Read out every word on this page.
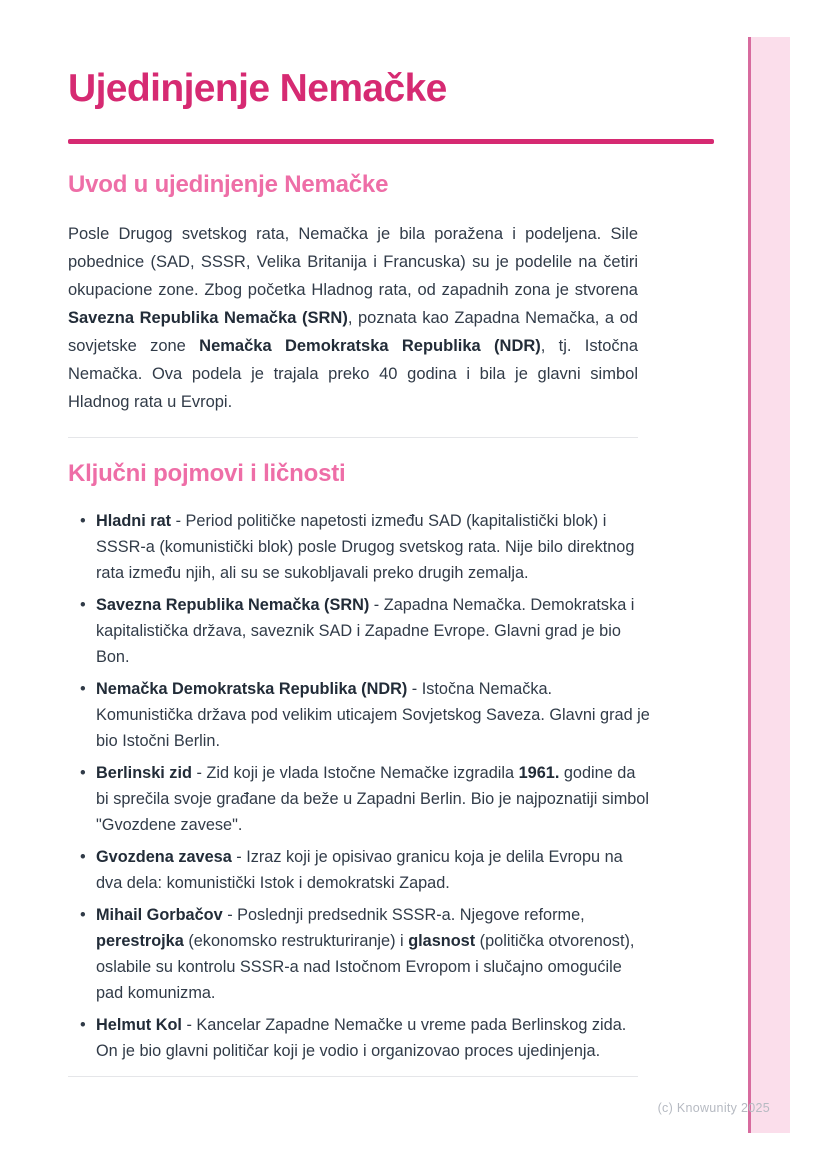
Ujedinjenje Nemačke
Uvod u ujedinjenje Nemačke

Posle Drugog svetskog rata, Nemačka je bila poražena i podeljena. Sile pobednice (SAD, SSSR, Velika Britanija i Francuska) su je podelile na četiri okupacione zone. Zbog početka Hladnog rata, od zapadnih zona je stvorena Savezna Republika Nemačka (SRN), poznata kao Zapadna Nemačka, a od sovjetske zone Nemačka Demokratska Republika (NDR), tj. Istočna Nemačka. Ova podela je trajala preko 40 godina i bila je glavni simbol Hladnog rata u Evropi.

Ključni pojmovi i ličnosti
• Hladni rat - Period političke napetosti između SAD (kapitalistički blok) i SSSR-a (komunistički blok) posle Drugog svetskog rata. Nije bilo direktnog rata između njih, ali su se sukobljavali preko drugih zemalja.
• Savezna Republika Nemačka (SRN) - Zapadna Nemačka. Demokratska i kapitalistička država, saveznik SAD i Zapadne Evrope. Glavni grad je bio Bon.
• Nemačka Demokratska Republika (NDR) - Istočna Nemačka. Komunistička država pod velikim uticajem Sovjetskog Saveza. Glavni grad je bio Istočni Berlin.
• Berlinski zid - Zid koji je vlada Istočne Nemačke izgradila 1961. godine da bi sprečila svoje građane da beže u Zapadni Berlin. Bio je najpoznatiji simbol "Gvozdene zavese".
• Gvozdena zavesa - Izraz koji je opisivao granicu koja je delila Evropu na dva dela: komunistički Istok i demokratski Zapad.
• Mihail Gorbačov - Poslednji predsednik SSSR-a. Njegove reforme, perestrojka (ekonomsko restrukturiranje) i glasnost (politička otvorenost), oslabile su kontrolu SSSR-a nad Istočnom Evropom i slučajno omogućile pad komunizma.
• Helmut Kol - Kancelar Zapadne Nemačke u vreme pada Berlinskog zida. On je bio glavni političar koji je vodio i organizovao proces ujedinjenja.
(c) Knowunity 2025
